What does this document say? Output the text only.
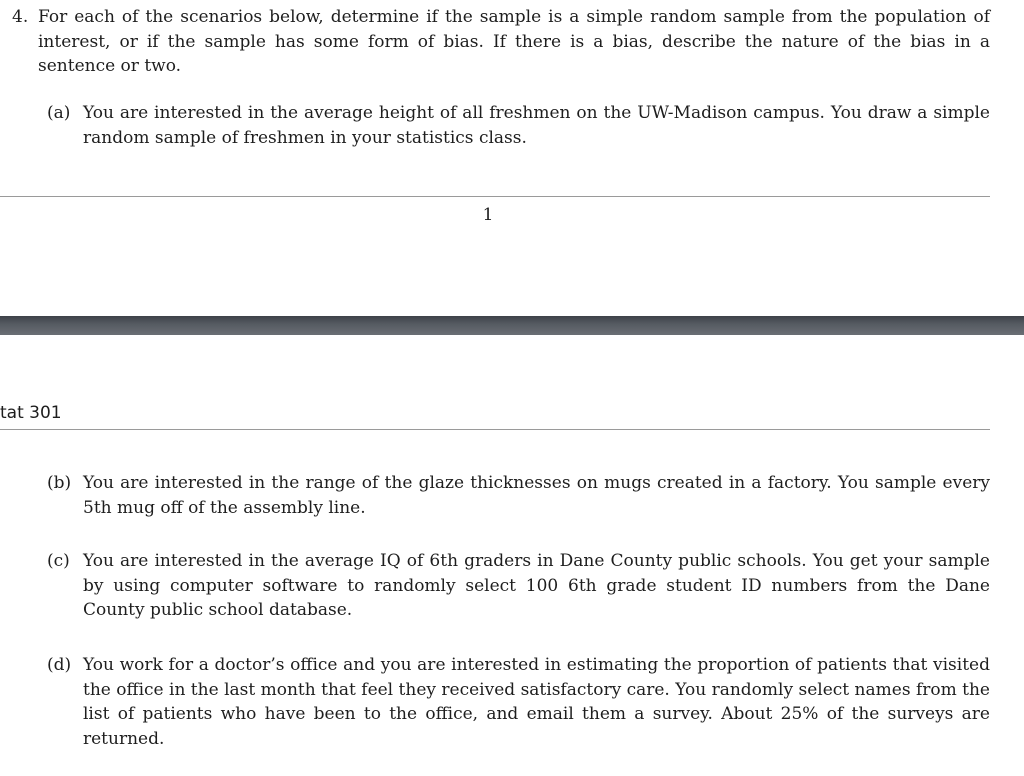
4. For each of the scenarios below, determine if the sample is a simple random sample from the population of interest, or if the sample has some form of bias. If there is a bias, describe the nature of the bias in a sentence or two.
(a) You are interested in the average height of all freshmen on the UW-Madison campus. You draw a simple random sample of freshmen in your statistics class.
1
tat 301
(b) You are interested in the range of the glaze thicknesses on mugs created in a factory. You sample every 5th mug off of the assembly line.
(c) You are interested in the average IQ of 6th graders in Dane County public schools. You get your sample by using computer software to randomly select 100 6th grade student ID numbers from the Dane County public school database.
(d) You work for a doctor’s office and you are interested in estimating the proportion of patients that visited the office in the last month that feel they received satisfactory care. You randomly select names from the list of patients who have been to the office, and email them a survey. About 25% of the surveys are returned.
